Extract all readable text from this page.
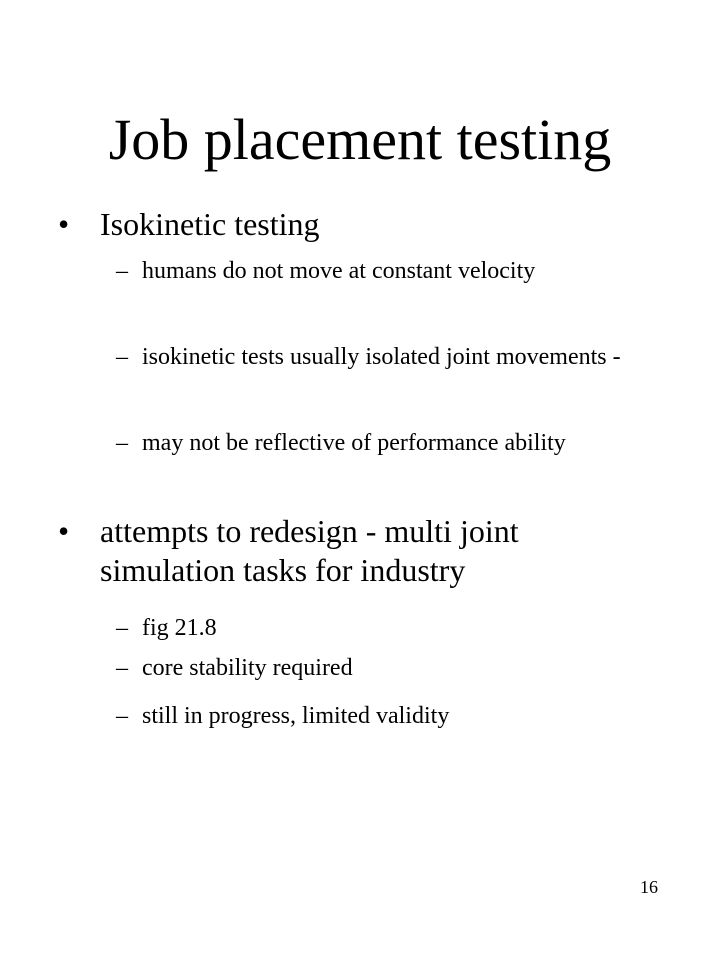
Job placement testing
• Isokinetic testing
– humans do not move at constant velocity
– isokinetic tests usually isolated joint movements -
– may not be reflective of performance ability
• attempts to redesign - multi joint simulation tasks for industry
– fig 21.8
– core stability required
– still in progress, limited validity
16
